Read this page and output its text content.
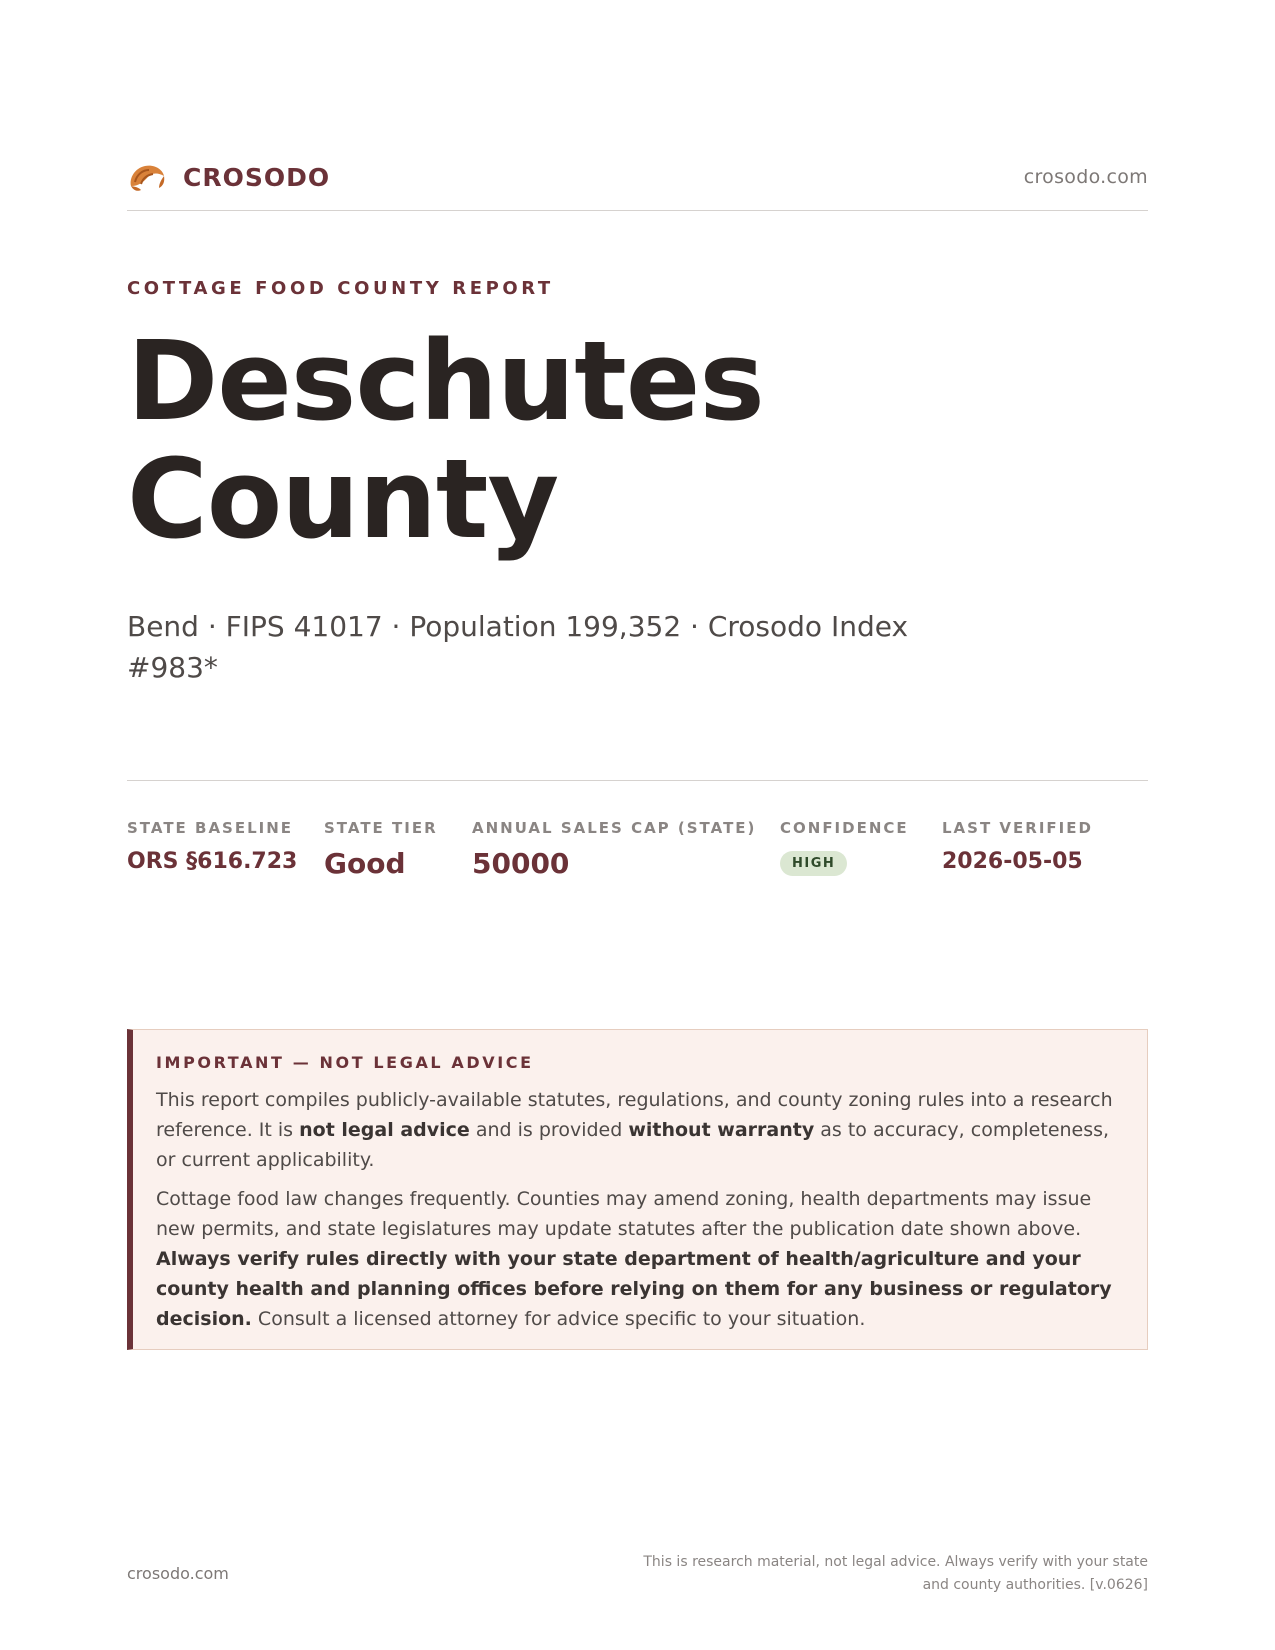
CROSODO	crosodo.com
COTTAGE FOOD COUNTY REPORT
Deschutes
County
Bend · FIPS 41017 · Population 199,352 · Crosodo Index #983*
STATE BASELINE
ORS §616.723
STATE TIER
Good
ANNUAL SALES CAP (STATE)
50000
CONFIDENCE
HIGH
LAST VERIFIED
2026-05-05
IMPORTANT — NOT LEGAL ADVICE

This report compiles publicly-available statutes, regulations, and county zoning rules into a research reference. It is not legal advice and is provided without warranty as to accuracy, completeness, or current applicability.

Cottage food law changes frequently. Counties may amend zoning, health departments may issue new permits, and state legislatures may update statutes after the publication date shown above. Always verify rules directly with your state department of health/agriculture and your county health and planning offices before relying on them for any business or regulatory decision. Consult a licensed attorney for advice specific to your situation.

crosodo.com
This is research material, not legal advice. Always verify with your state and county authorities. [v.0626]
